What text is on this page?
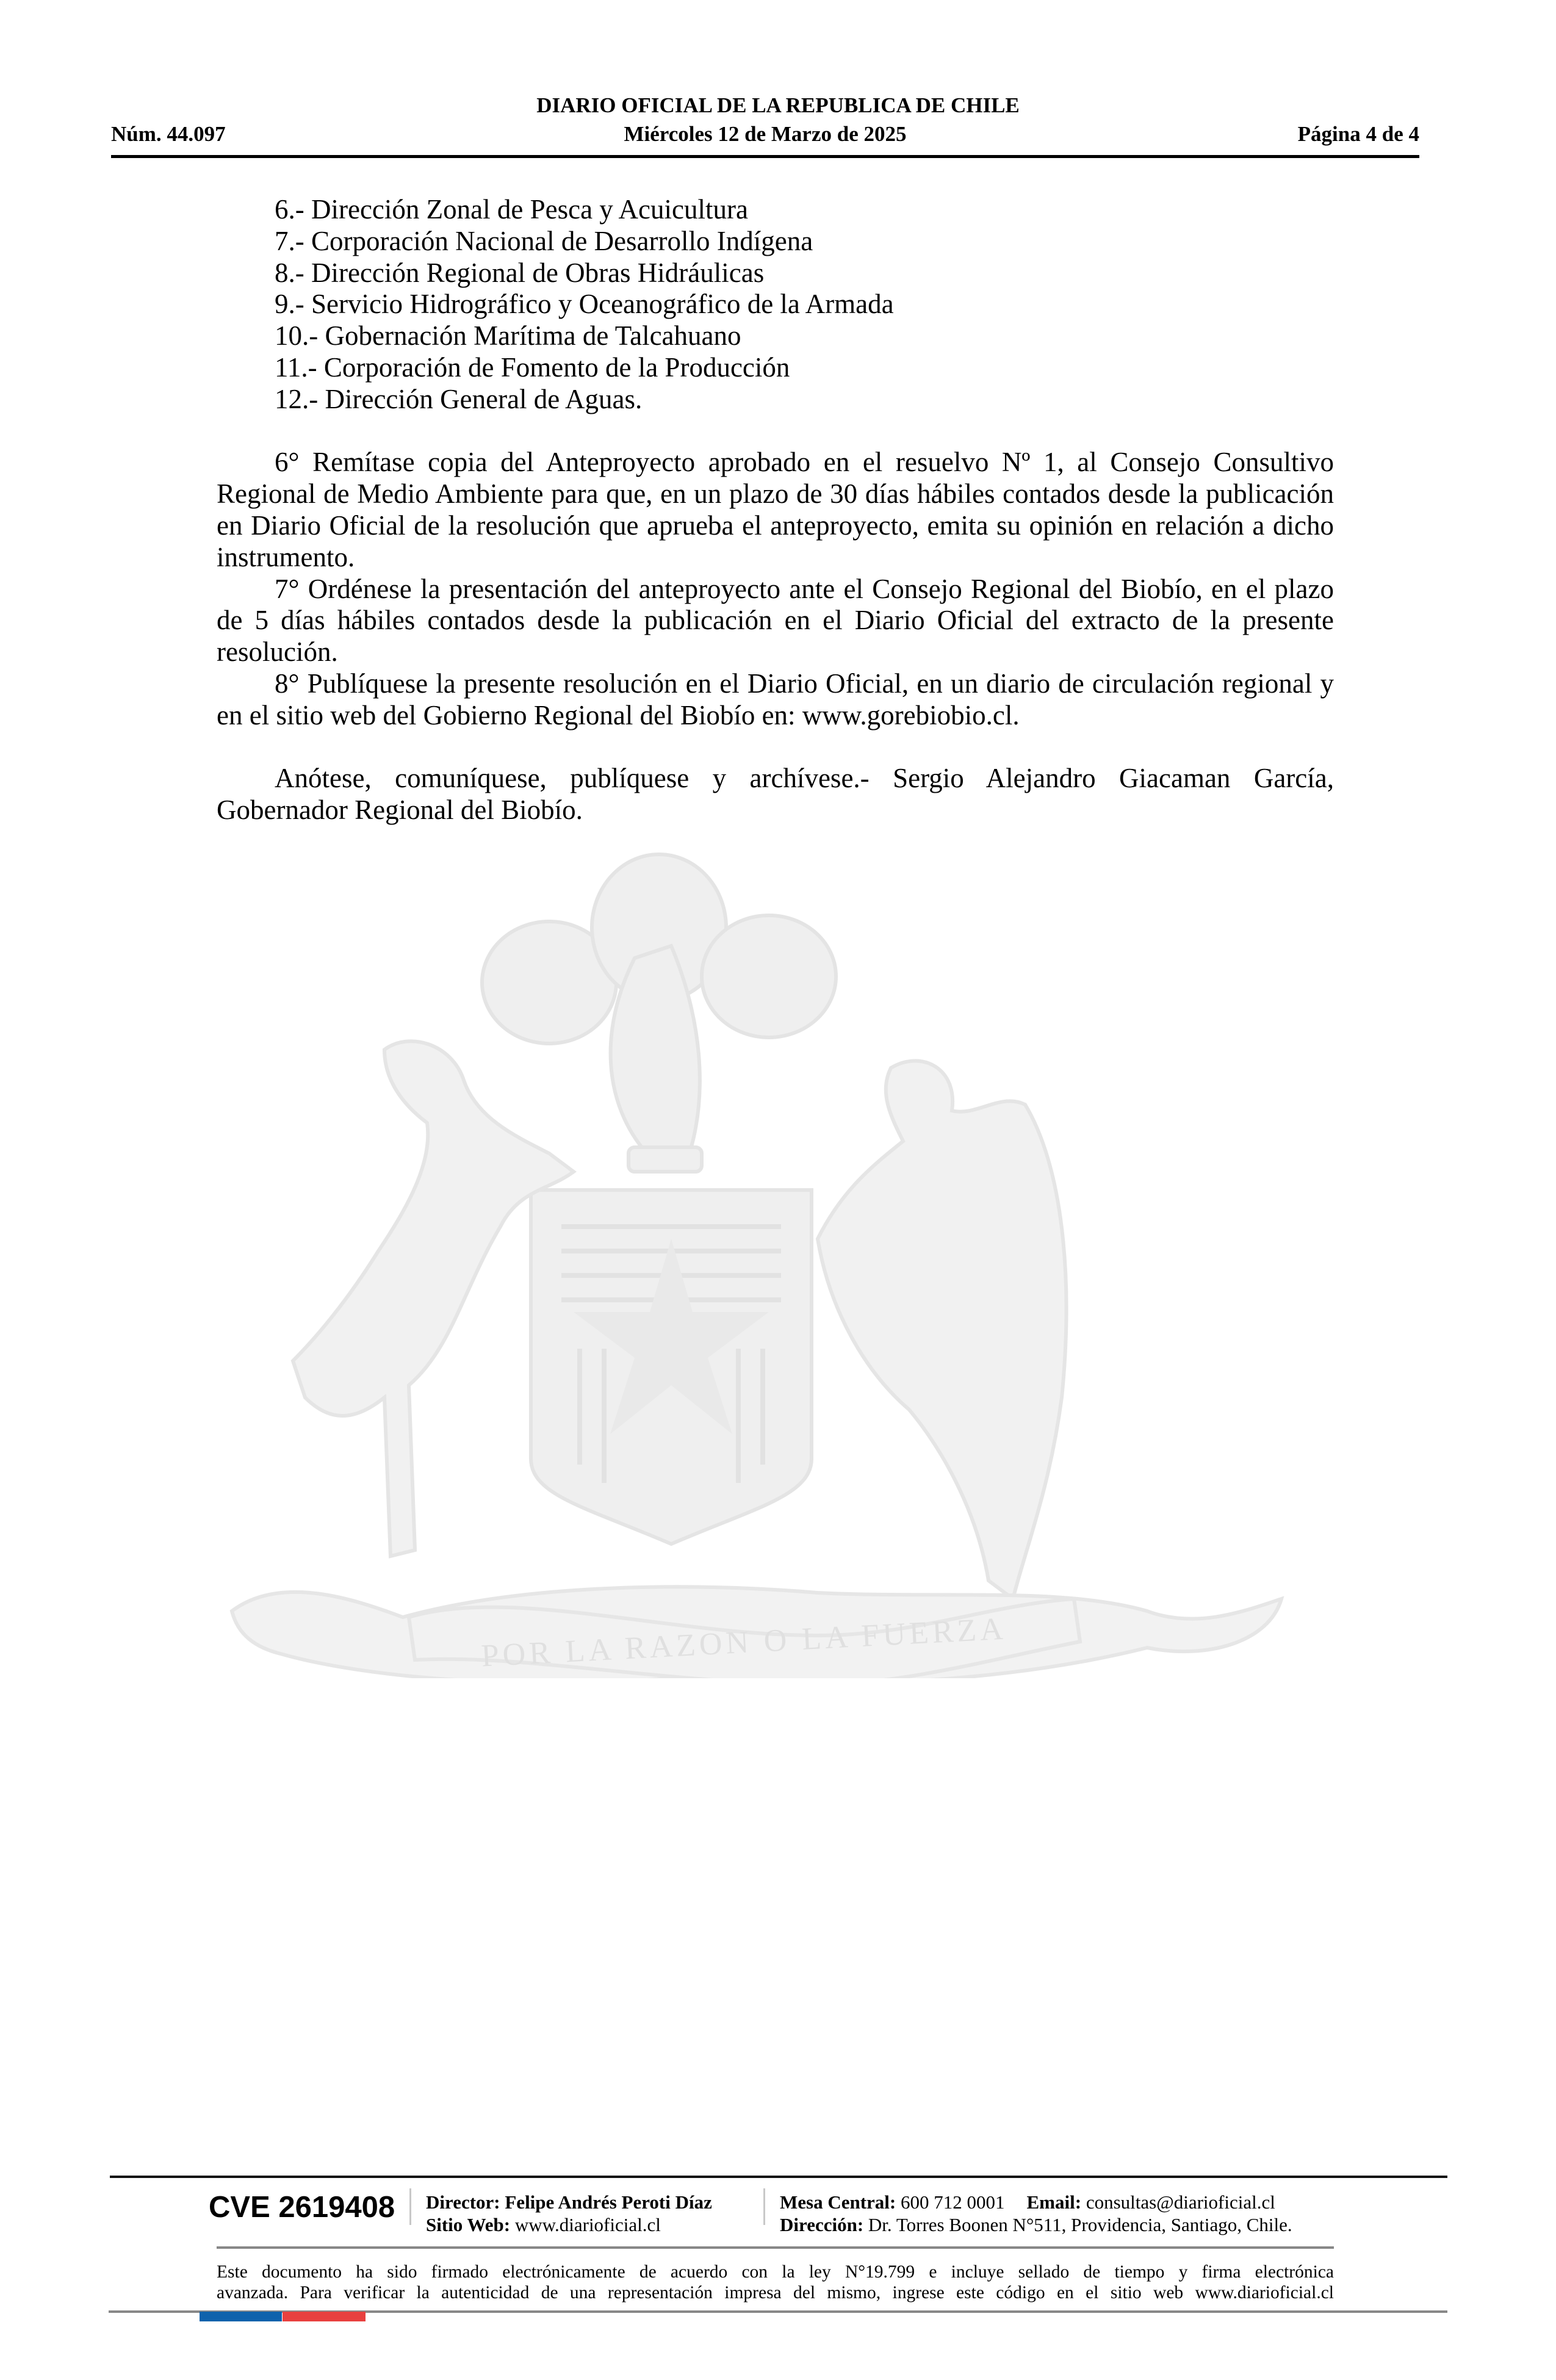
DIARIO OFICIAL DE LA REPUBLICA DE CHILE
Núm. 44.097	Miércoles 12 de Marzo de 2025	Página 4 de 4
POR LA RAZON O LA FUERZA
6.- Dirección Zonal de Pesca y Acuicultura
7.- Corporación Nacional de Desarrollo Indígena
8.- Dirección Regional de Obras Hidráulicas
9.- Servicio Hidrográfico y Oceanográfico de la Armada
10.- Gobernación Marítima de Talcahuano
11.- Corporación de Fomento de la Producción
12.- Dirección General de Aguas.

6° Remítase copia del Anteproyecto aprobado en el resuelvo Nº 1, al Consejo Consultivo Regional de Medio Ambiente para que, en un plazo de 30 días hábiles contados desde la publicación en Diario Oficial de la resolución que aprueba el anteproyecto, emita su opinión en relación a dicho instrumento.

7° Ordénese la presentación del anteproyecto ante el Consejo Regional del Biobío, en el plazo de 5 días hábiles contados desde la publicación en el Diario Oficial del extracto de la presente resolución.

8° Publíquese la presente resolución en el Diario Oficial, en un diario de circulación regional y en el sitio web del Gobierno Regional del Biobío en: www.gorebiobio.cl.

Anótese, comuníquese, publíquese y archívese.- Sergio Alejandro Giacaman García, Gobernador Regional del Biobío.

CVE 2619408 Director: Felipe Andrés Peroti Díaz
Sitio Web: www.diarioficial.cl
Mesa Central: 600 712 0001 Email: consultas@diarioficial.cl
Dirección: Dr. Torres Boonen N°511, Providencia, Santiago, Chile.
Este documento ha sido firmado electrónicamente de acuerdo con la ley N°19.799 e incluye sellado de tiempo y firma electrónica
avanzada. Para verificar la autenticidad de una representación impresa del mismo, ingrese este código en el sitio web www.diarioficial.cl
